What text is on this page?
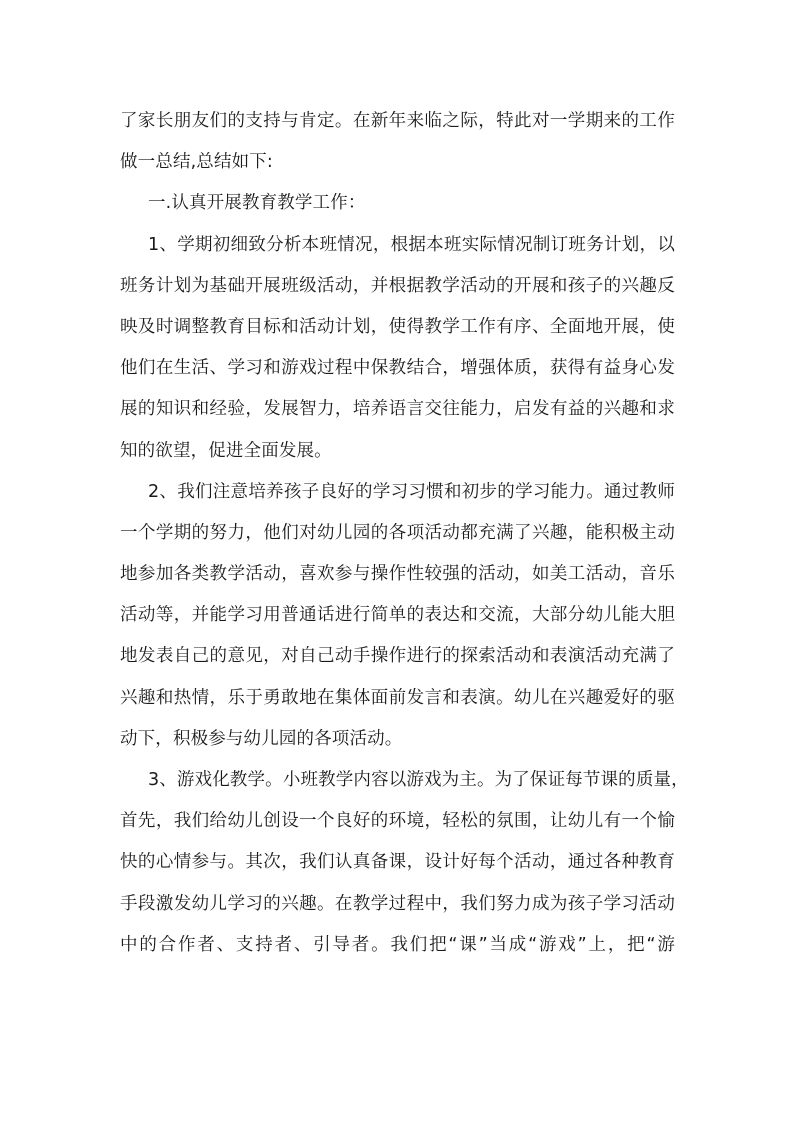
了家长朋友们的支持与肯定。在新年来临之际，特此对一学期来的工作
做一总结,总结如下:
一.认真开展教育教学工作：
1、学期初细致分析本班情况，根据本班实际情况制订班务计划，以
班务计划为基础开展班级活动，并根据教学活动的开展和孩子的兴趣反
映及时调整教育目标和活动计划，使得教学工作有序、全面地开展，使
他们在生活、学习和游戏过程中保教结合，增强体质，获得有益身心发
展的知识和经验，发展智力，培养语言交往能力，启发有益的兴趣和求
知的欲望，促进全面发展。
2、我们注意培养孩子良好的学习习惯和初步的学习能力。通过教师
一个学期的努力，他们对幼儿园的各项活动都充满了兴趣，能积极主动
地参加各类教学活动，喜欢参与操作性较强的活动，如美工活动，音乐
活动等，并能学习用普通话进行简单的表达和交流，大部分幼儿能大胆
地发表自己的意见，对自己动手操作进行的探索活动和表演活动充满了
兴趣和热情，乐于勇敢地在集体面前发言和表演。幼儿在兴趣爱好的驱
动下，积极参与幼儿园的各项活动。
3、游戏化教学。小班教学内容以游戏为主。为了保证每节课的质量，
首先，我们给幼儿创设一个良好的环境，轻松的氛围，让幼儿有一个愉
快的心情参与。其次，我们认真备课，设计好每个活动，通过各种教育
手段激发幼儿学习的兴趣。在教学过程中，我们努力成为孩子学习活动
中的合作者、支持者、引导者。我们把“课”当成“游戏”上，把“游
